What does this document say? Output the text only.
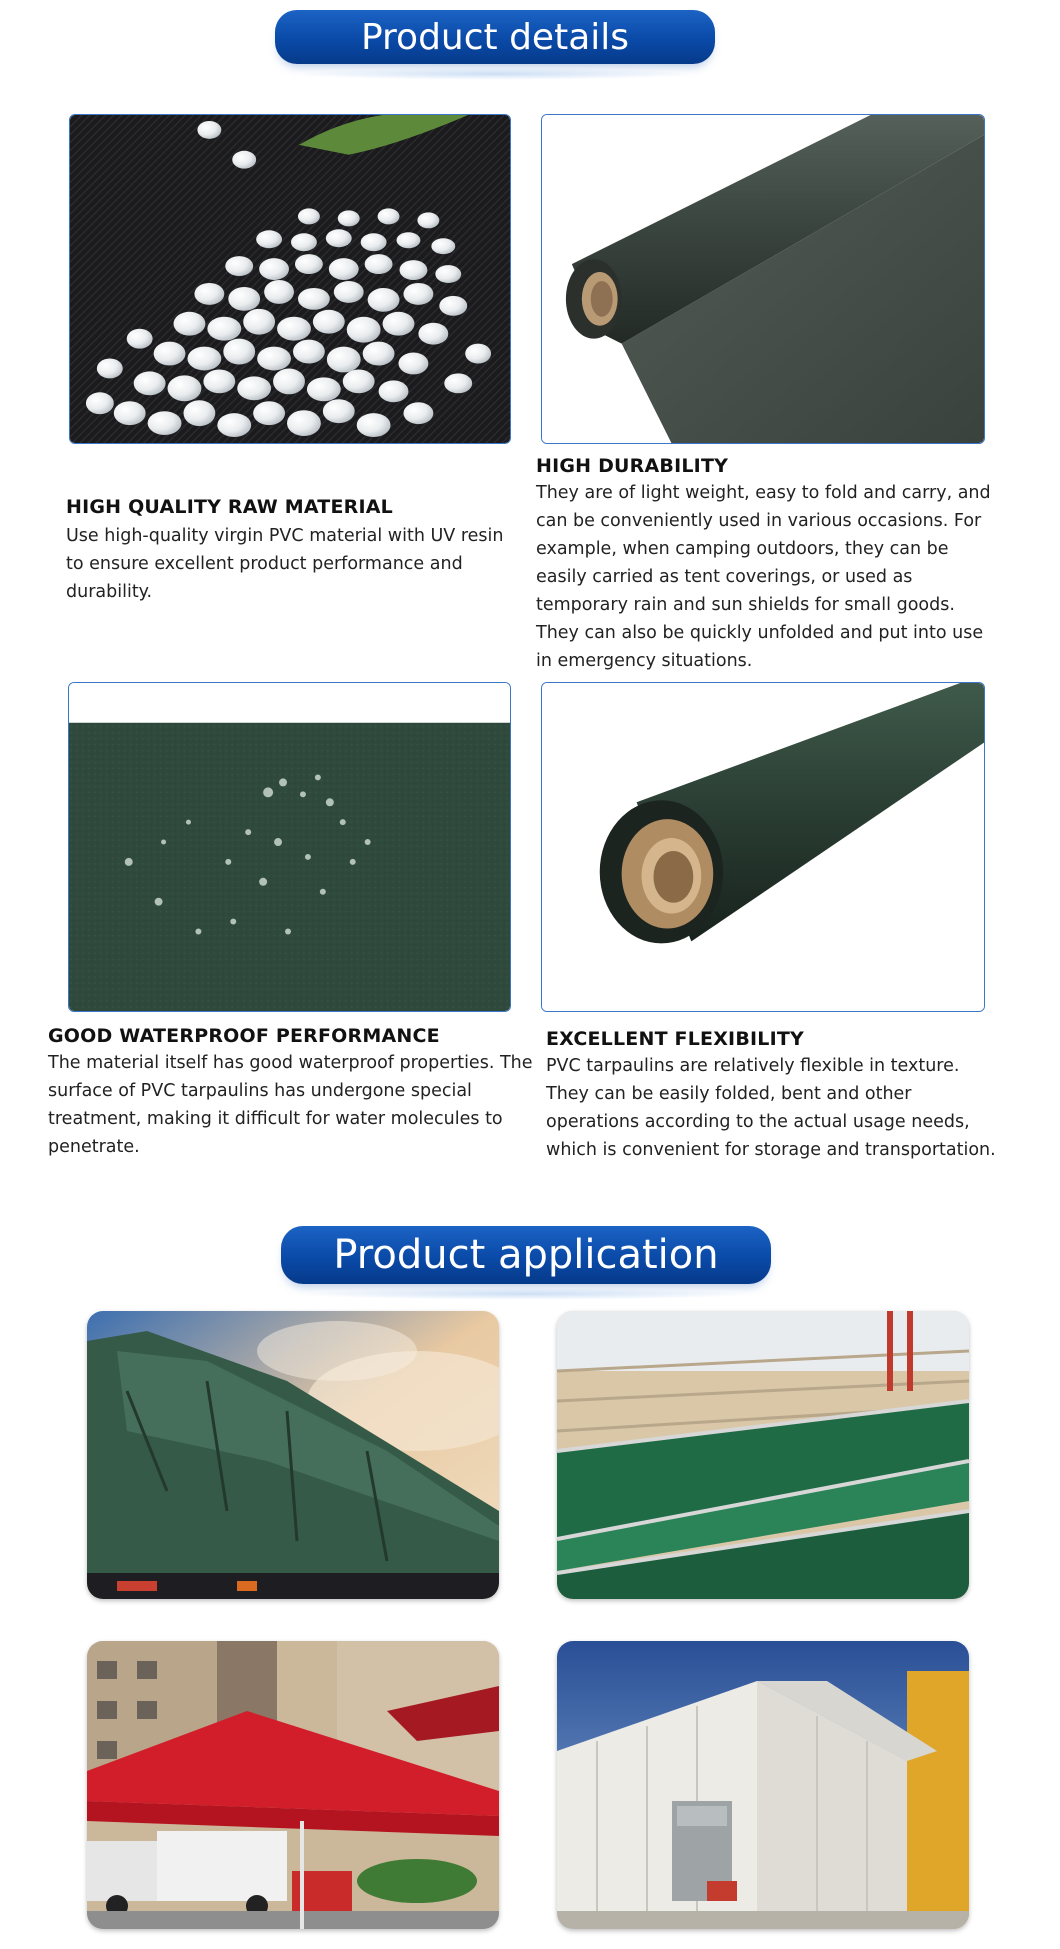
Product details
HIGH QUALITY RAW MATERIAL

Use high-quality virgin PVC material with UV resin to ensure excellent product performance and durability.

HIGH DURABILITY

They are of light weight, easy to fold and carry, and can be conveniently used in various occasions. For example, when camping outdoors, they can be easily carried as tent coverings, or used as temporary rain and sun shields for small goods. They can also be quickly unfolded and put into use in emergency situations.

GOOD WATERPROOF PERFORMANCE

The material itself has good waterproof properties. The surface of PVC tarpaulins has undergone special treatment, making it difficult for water molecules to penetrate.

EXCELLENT FLEXIBILITY

PVC tarpaulins are relatively flexible in texture. They can be easily folded, bent and other operations according to the actual usage needs, which is convenient for storage and transportation.

Product application
